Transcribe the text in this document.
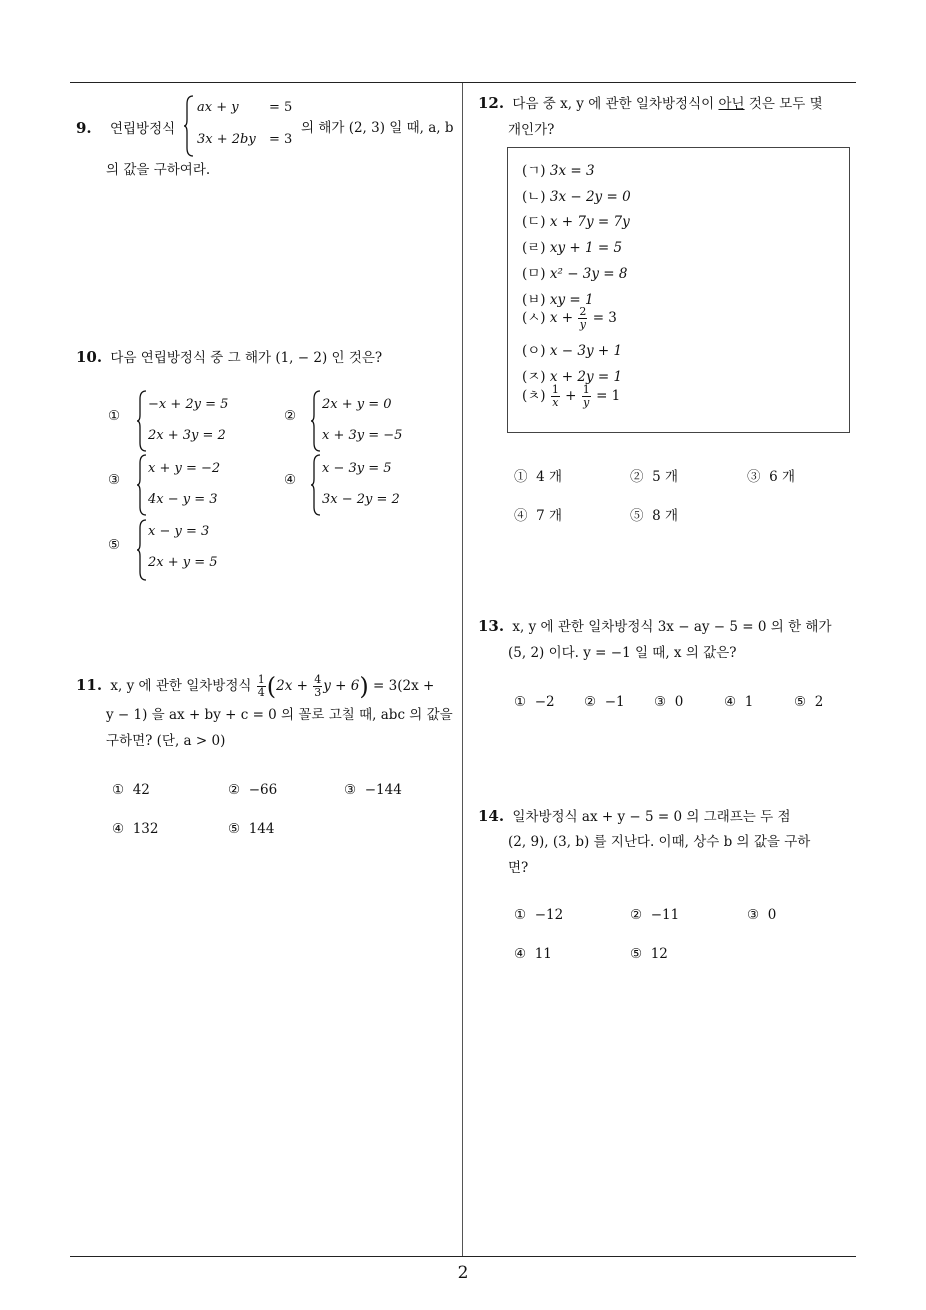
2
9. 연립방정식
ax + y = 5
3x + 2by = 3
의 해가 (2, 3) 일 때, a, b
의 값을 구하여라.
10. 다음 연립방정식 중 그 해가 (1, − 2) 인 것은?
①
−x + 2y = 5
2x + 3y = 2
②
2x + y = 0
x + 3y = −5
③
x + y = −2
4x − y = 3
④
x − 3y = 5
3x − 2y = 2
⑤
x − y = 3
2x + y = 5
11. x, y 에 관한 일차방정식 $\frac{1}{4} (2x + \frac{4}{3}$ y + 6) = 3(2x +
y − 1) 을 ax + by + c = 0 의 꼴로 고칠 때, abc 의 값을
구하면? (단, a > 0)
① 42	② −66	③ −144
④ 132	⑤ 144
12. 다음 중 x, y 에 관한 일차방정식이 아닌 것은 모두 몇
개인가?
(ㄱ) 3x = 3
(ㄴ) 3x − 2y = 0
(ㄷ) x + 7y = 7y
(ㄹ) xy + 1 = 5
(ㅁ) x² − 3y = 8
(ㅂ) xy = 1
(ㅅ) $x + \frac{2}{y} = 3$
(ㅇ) x − 3y + 1
(ㅈ) x + 2y = 1
(ㅊ) $\frac{1}{x} + \frac{1}{y} = 1$
① 4 개	② 5 개	③ 6 개
④ 7 개	⑤ 8 개
13. x, y 에 관한 일차방정식 3x − ay − 5 = 0 의 한 해가
(5, 2) 이다. y = −1 일 때, x 의 값은?
① −2 ② −1 ③ 0	④ 1	⑤ 2
14. 일차방정식 ax + y − 5 = 0 의 그래프는 두 점
(2, 9), (3, b) 를 지난다. 이때, 상수 b 의 값을 구하
면?
① −12	② −11	③ 0
④ 11	⑤ 12
